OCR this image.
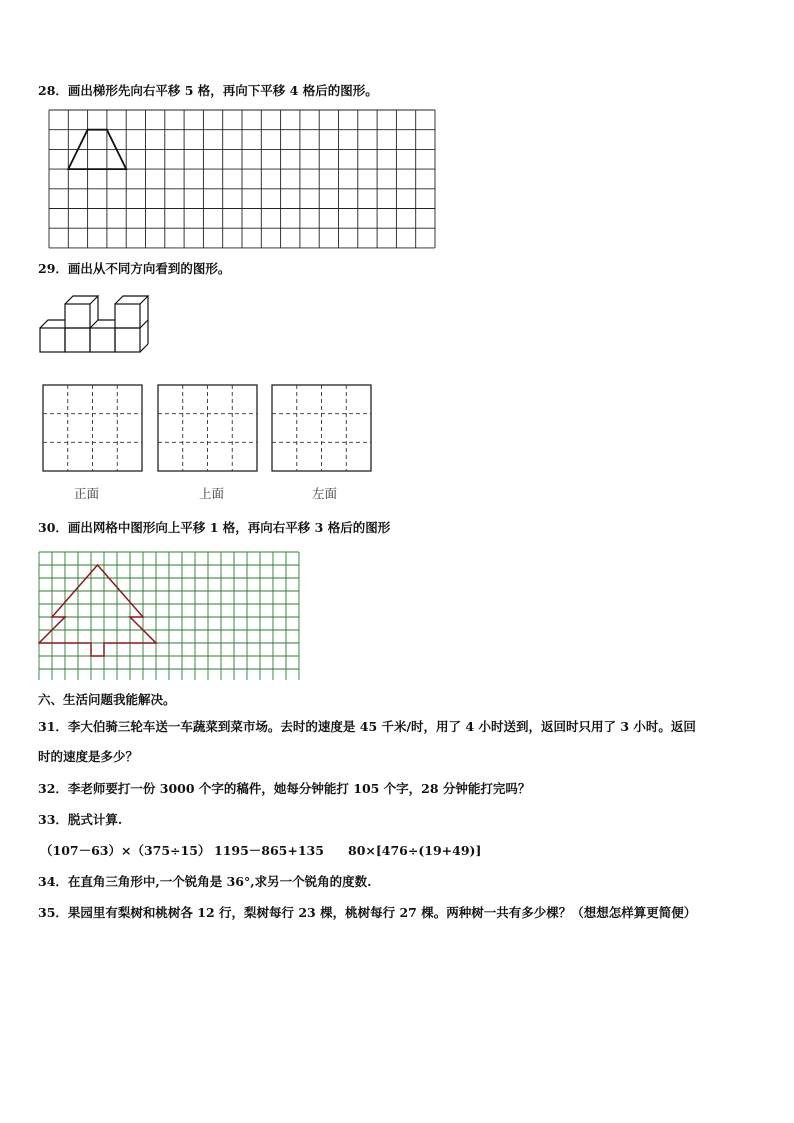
28．画出梯形先向右平移 5 格，再向下平移 4 格后的图形。
29．画出从不同方向看到的图形。
正面	上面	左面
30．画出网格中图形向上平移 1 格，再向右平移 3 格后的图形
六、生活问题我能解决。
31．李大伯骑三轮车送一车蔬菜到菜市场。去时的速度是 45 千米/时，用了 4 小时送到，返回时只用了 3 小时。返回
时的速度是多少？
32．李老师要打一份 3000 个字的稿件，她每分钟能打 105 个字，28 分钟能打完吗？
33．脱式计算.
（107－63）×（375÷15） 1195－865+135 80×[476÷(19+49)]
34．在直角三角形中,一个锐角是 36°,求另一个锐角的度数.
35．果园里有梨树和桃树各 12 行，梨树每行 23 棵，桃树每行 27 棵。两种树一共有多少棵？（想想怎样算更简便）
